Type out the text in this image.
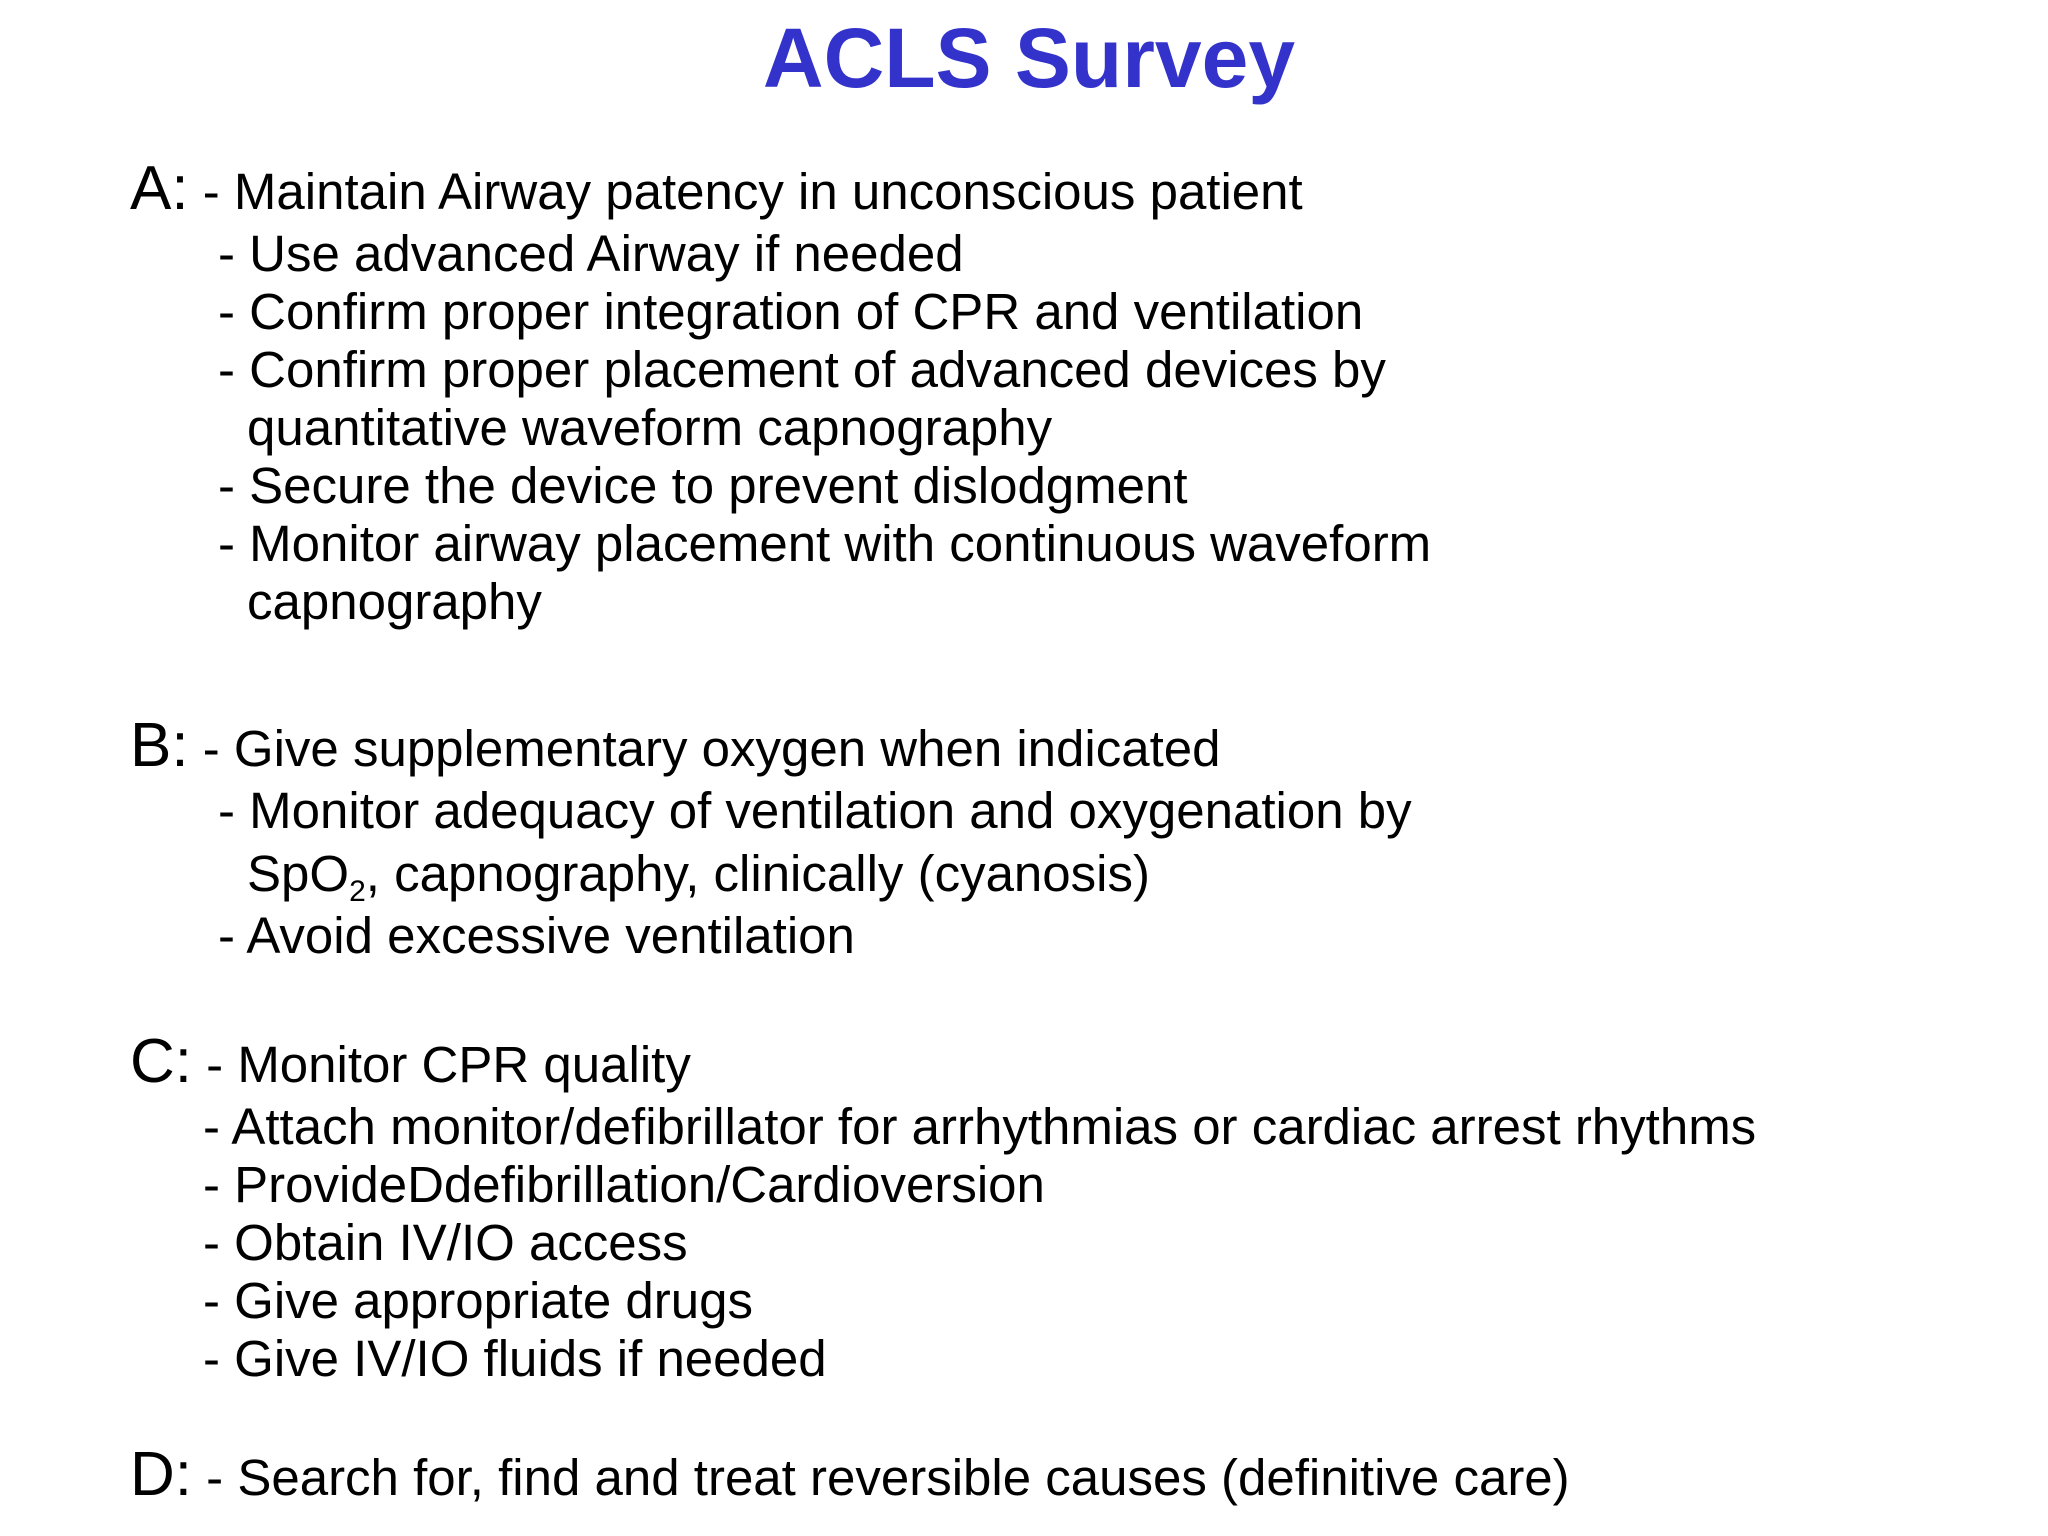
ACLS Survey
A: - Maintain Airway patency in unconscious patient
- Use advanced Airway if needed
- Confirm proper integration of CPR and ventilation
- Confirm proper placement of advanced devices by
quantitative waveform capnography
- Secure the device to prevent dislodgment
- Monitor airway placement with continuous waveform
capnography
B: - Give supplementary oxygen when indicated
- Monitor adequacy of ventilation and oxygenation by
SpO$_2$, capnography, clinically (cyanosis)
- Avoid excessive ventilation
C: - Monitor CPR quality
- Attach monitor/defibrillator for arrhythmias or cardiac arrest rhythms
- ProvideDdefibrillation/Cardioversion
- Obtain IV/IO access
- Give appropriate drugs
- Give IV/IO fluids if needed
D: - Search for, find and treat reversible causes (definitive care)
